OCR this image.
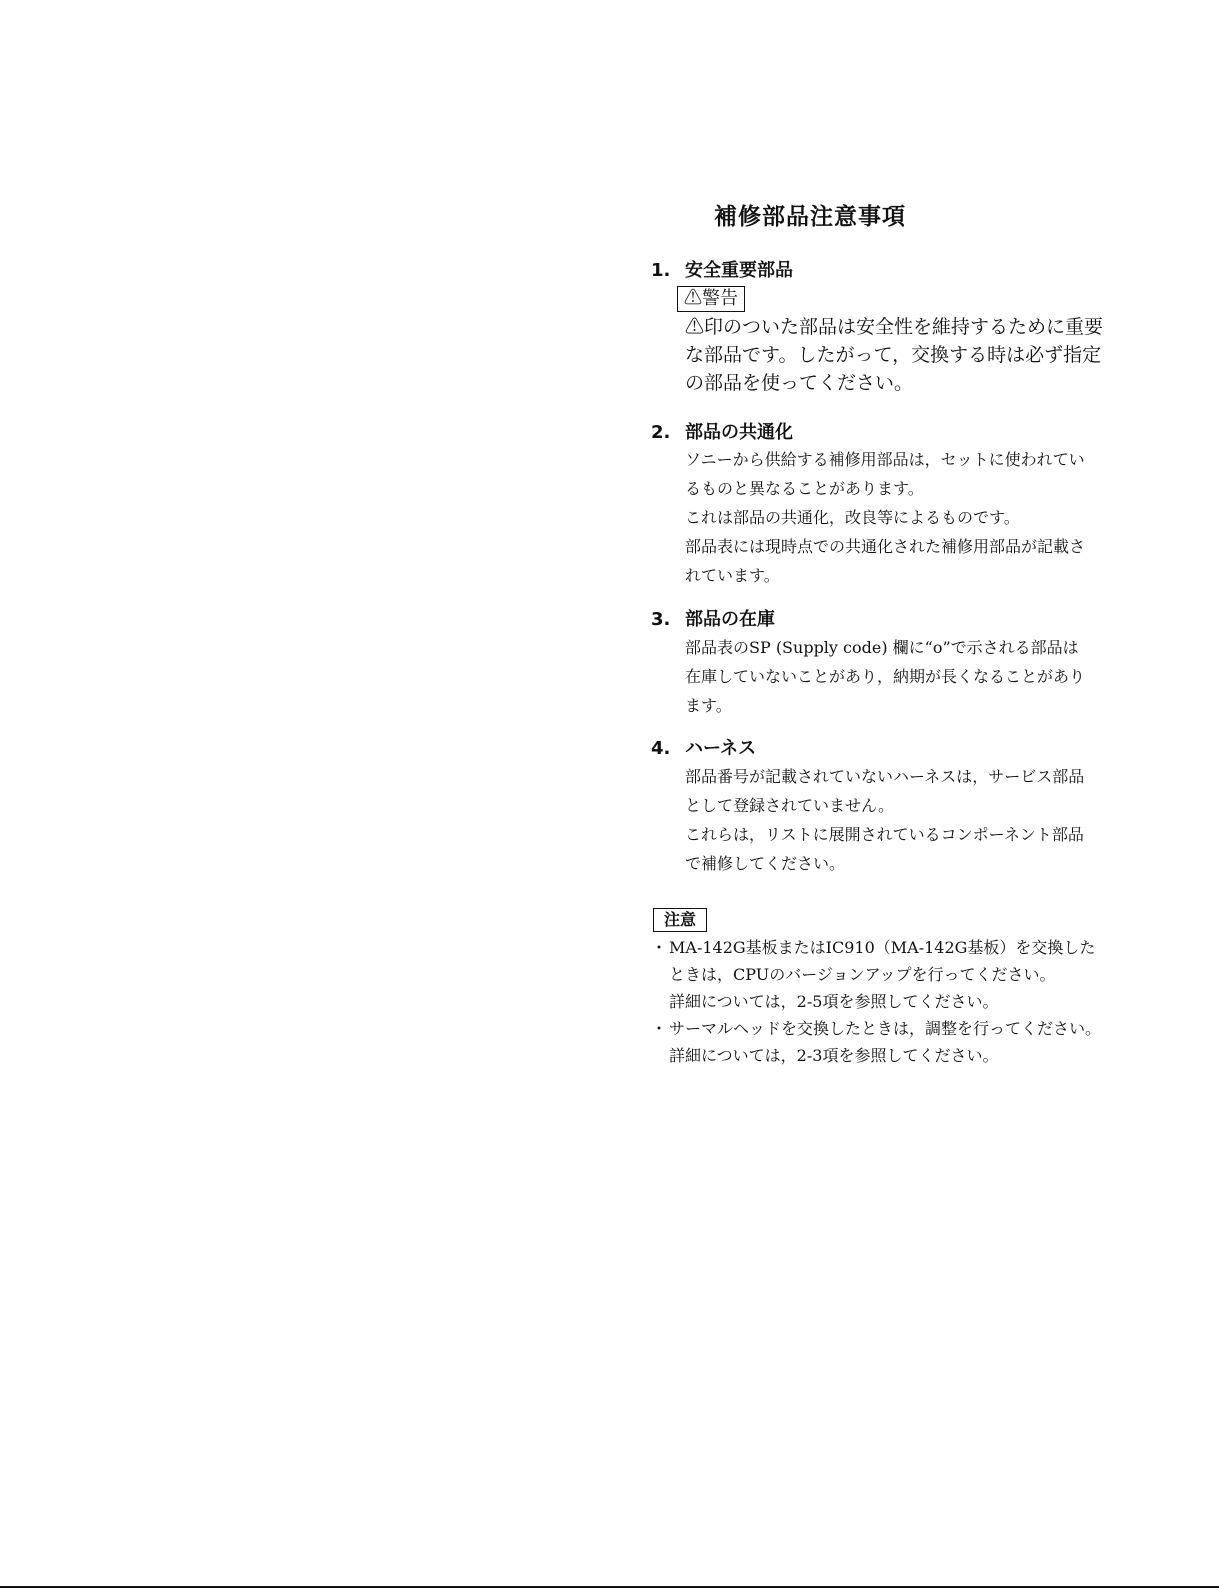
補修部品注意事項
1. 安全重要部品
⚠警告

⚠印のついた部品は安全性を維持するために重要

な部品です。したがって，交換する時は必ず指定

の部品を使ってください。

2. 部品の共通化

ソニーから供給する補修用部品は，セットに使われてい

るものと異なることがあります。

これは部品の共通化，改良等によるものです。

部品表には現時点での共通化された補修用部品が記載さ

れています。

3. 部品の在庫

部品表のSP (Supply code) 欄に“o”で示される部品は

在庫していないことがあり，納期が長くなることがあり

ます。

4. ハーネス

部品番号が記載されていないハーネスは，サービス部品

として登録されていません。

これらは，リストに展開されているコンポーネント部品

で補修してください。

注意
・ MA-142G基板またはIC910（MA-142G基板）を交換した

ときは，CPUのバージョンアップを行ってください。

詳細については，2-5項を参照してください。

・ サーマルヘッドを交換したときは，調整を行ってください。

詳細については，2-3項を参照してください。
